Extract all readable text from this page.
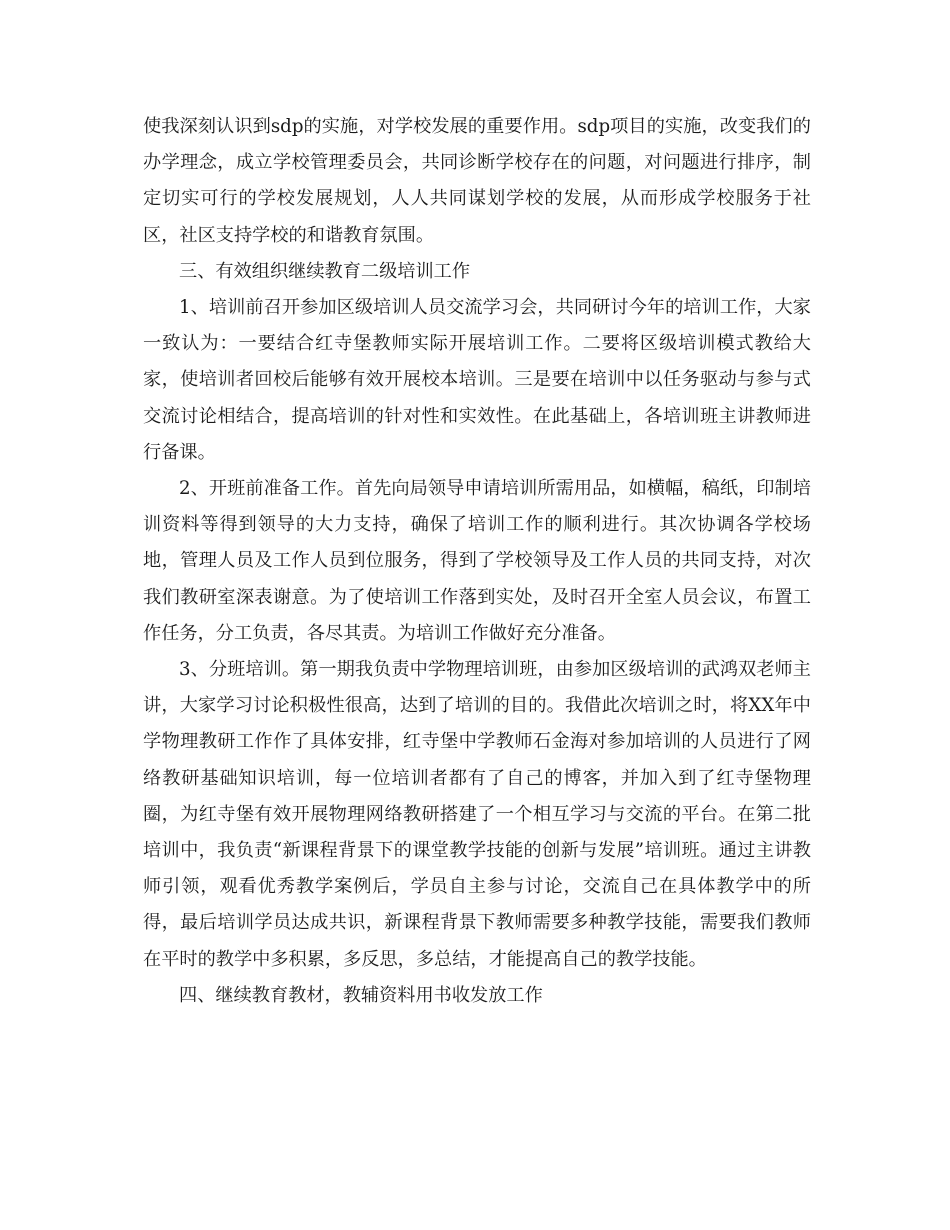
使我深刻认识到sdp的实施，对学校发展的重要作用。sdp项目的实施，改变我们的办学理念，成立学校管理委员会，共同诊断学校存在的问题，对问题进行排序，制定切实可行的学校发展规划，人人共同谋划学校的发展，从而形成学校服务于社区，社区支持学校的和谐教育氛围。

三、有效组织继续教育二级培训工作

1、培训前召开参加区级培训人员交流学习会，共同研讨今年的培训工作，大家一致认为：一要结合红寺堡教师实际开展培训工作。二要将区级培训模式教给大家，使培训者回校后能够有效开展校本培训。三是要在培训中以任务驱动与参与式交流讨论相结合，提高培训的针对性和实效性。在此基础上，各培训班主讲教师进行备课。

2、开班前准备工作。首先向局领导申请培训所需用品，如横幅，稿纸，印制培训资料等得到领导的大力支持，确保了培训工作的顺利进行。其次协调各学校场地，管理人员及工作人员到位服务，得到了学校领导及工作人员的共同支持，对次我们教研室深表谢意。为了使培训工作落到实处，及时召开全室人员会议，布置工作任务，分工负责，各尽其责。为培训工作做好充分准备。

3、分班培训。第一期我负责中学物理培训班，由参加区级培训的武鸿双老师主讲，大家学习讨论积极性很高，达到了培训的目的。我借此次培训之时，将XX年中学物理教研工作作了具体安排，红寺堡中学教师石金海对参加培训的人员进行了网络教研基础知识培训，每一位培训者都有了自己的博客，并加入到了红寺堡物理圈，为红寺堡有效开展物理网络教研搭建了一个相互学习与交流的平台。在第二批培训中，我负责“新课程背景下的课堂教学技能的创新与发展”培训班。通过主讲教师引领，观看优秀教学案例后，学员自主参与讨论，交流自己在具体教学中的所得，最后培训学员达成共识，新课程背景下教师需要多种教学技能，需要我们教师在平时的教学中多积累，多反思，多总结，才能提高自己的教学技能。

四、继续教育教材，教辅资料用书收发放工作
